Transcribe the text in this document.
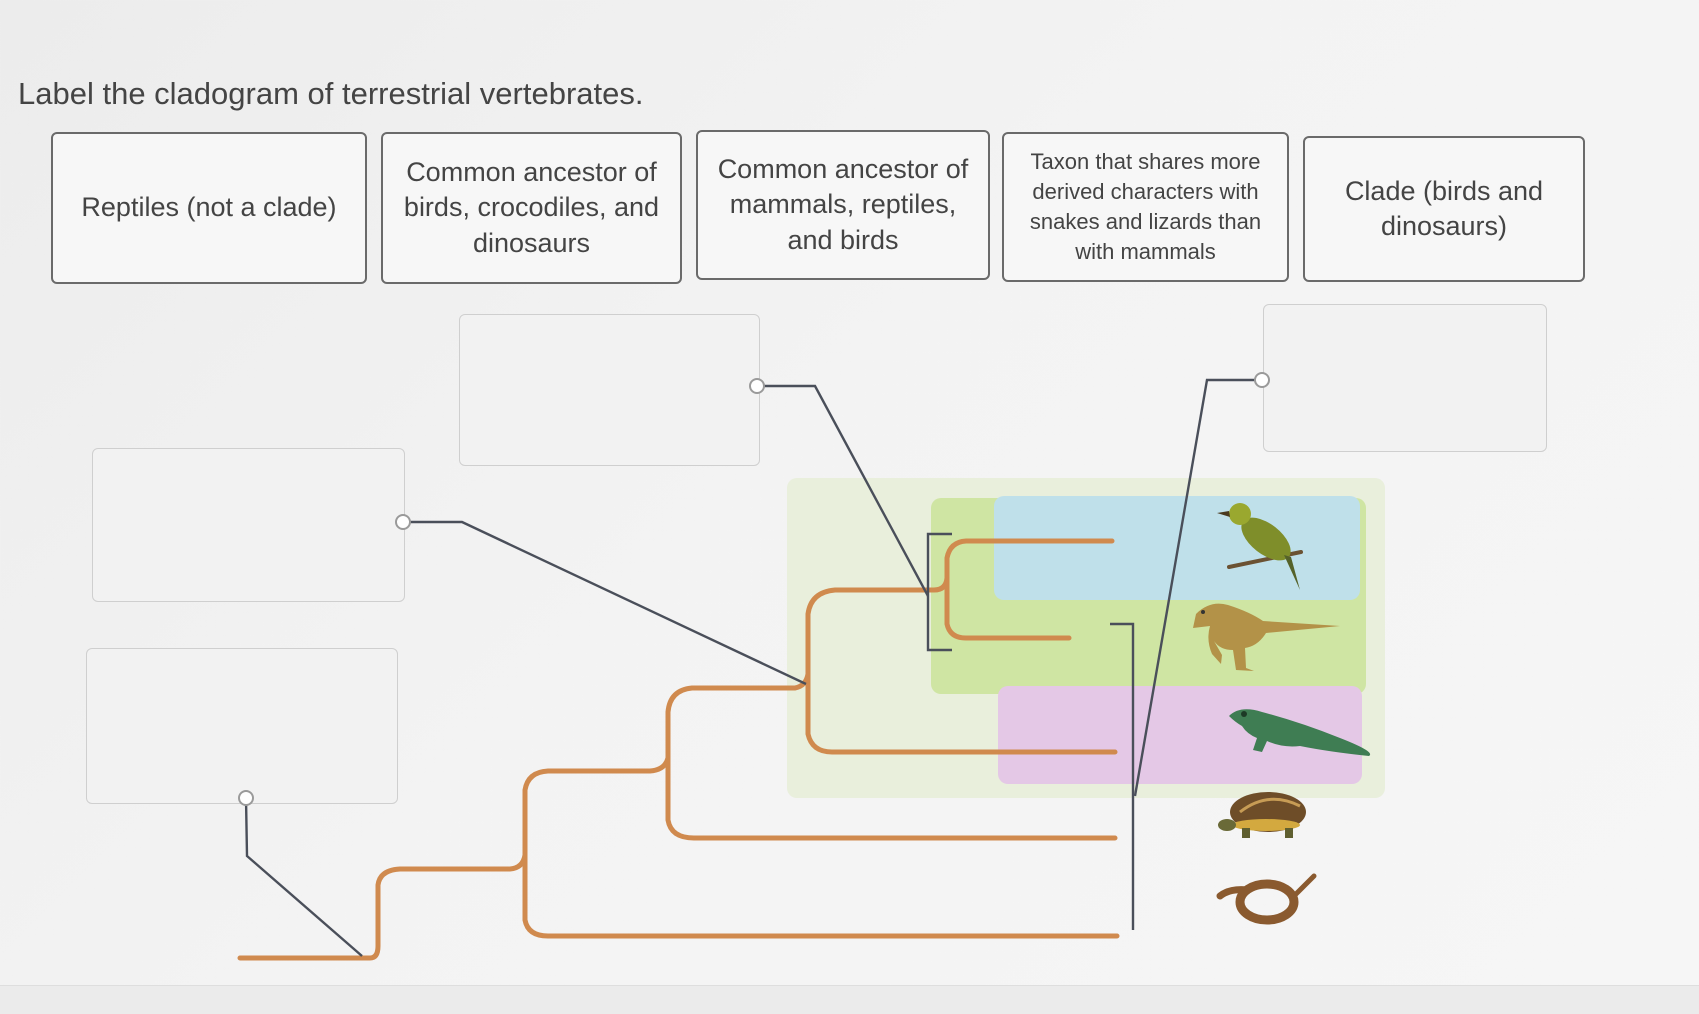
Label the cladogram of terrestrial vertebrates.
Reptiles (not a clade)
Common ancestor of birds, crocodiles, and dinosaurs
Common ancestor of mammals, reptiles, and birds
Taxon that shares more derived characters with snakes and lizards than with mammals
Clade (birds and dinosaurs)
